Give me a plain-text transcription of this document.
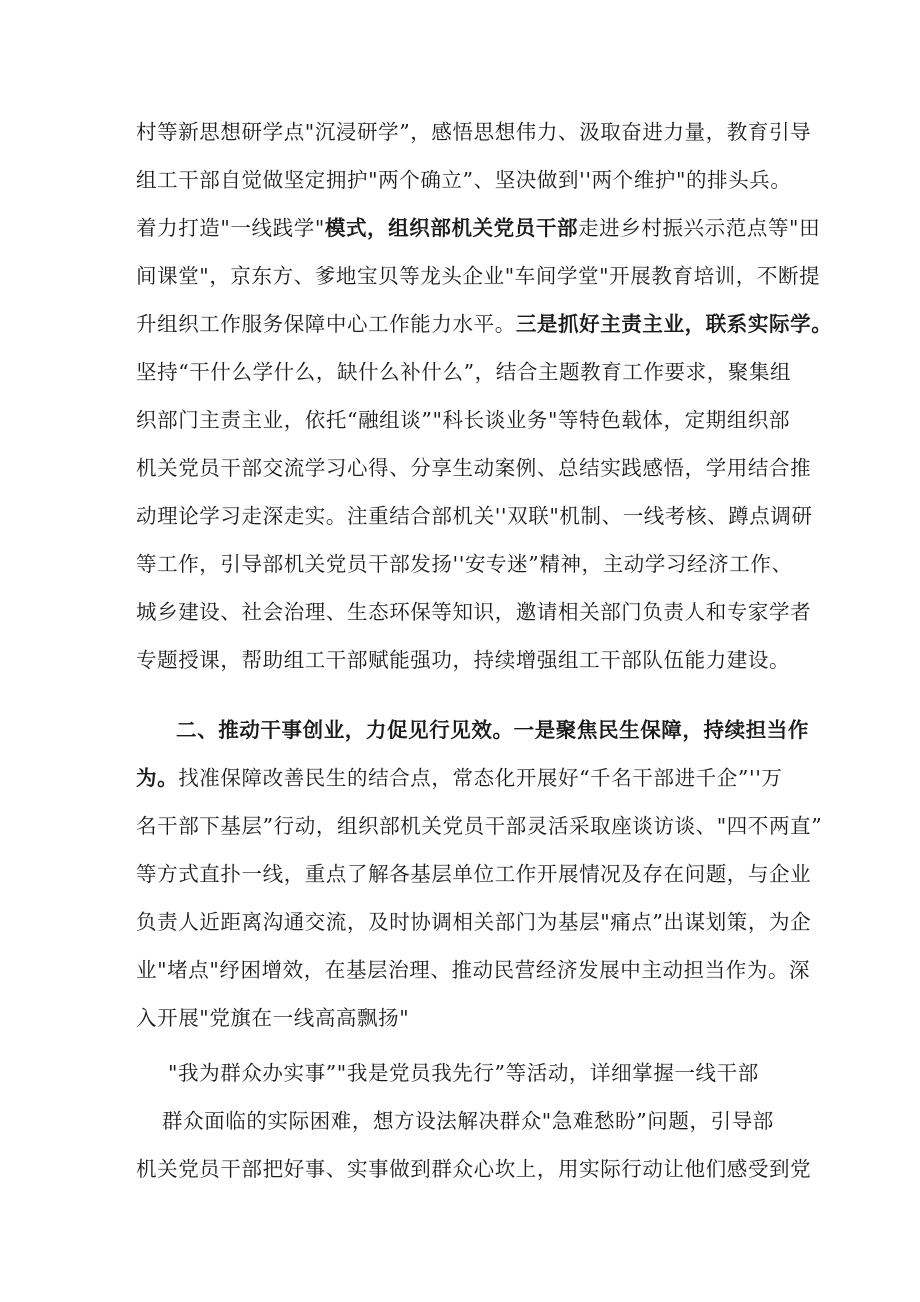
村等新思想研学点"沉浸研学”，感悟思想伟力、汲取奋进力量，教育引导
组工干部自觉做坚定拥护"两个确立”、坚决做到''两个维护"的排头兵。
着力打造"一线践学"模式，组织部机关党员干部走进乡村振兴示范点等"田
间课堂"，京东方、爹地宝贝等龙头企业"车间学堂"开展教育培训，不断提
升组织工作服务保障中心工作能力水平。三是抓好主责主业，联系实际学。
坚持“干什么学什么，缺什么补什么”，结合主题教育工作要求，聚集组
织部门主责主业，依托“融组谈”"科长谈业务"等特色载体，定期组织部
机关党员干部交流学习心得、分享生动案例、总结实践感悟，学用结合推
动理论学习走深走实。注重结合部机关''双联"机制、一线考核、蹲点调研
等工作，引导部机关党员干部发扬''安专迷”精神，主动学习经济工作、
城乡建设、社会治理、生态环保等知识，邀请相关部门负责人和专家学者
专题授课，帮助组工干部赋能强功，持续增强组工干部队伍能力建设。
二、推动干事创业，力促见行见效。一是聚焦民生保障，持续担当作
为。找准保障改善民生的结合点，常态化开展好“千名干部进千企”''万
名干部下基层”行动，组织部机关党员干部灵活采取座谈访谈、"四不两直”
等方式直扑一线，重点了解各基层单位工作开展情况及存在问题，与企业
负责人近距离沟通交流，及时协调相关部门为基层"痛点”出谋划策，为企
业"堵点"纾困增效，在基层治理、推动民营经济发展中主动担当作为。深
入开展"党旗在一线高高飘扬"
"我为群众办实事”"我是党员我先行”等活动，详细掌握一线干部
群众面临的实际困难，想方设法解决群众"急难愁盼”问题，引导部
机关党员干部把好事、实事做到群众心坎上，用实际行动让他们感受到党
